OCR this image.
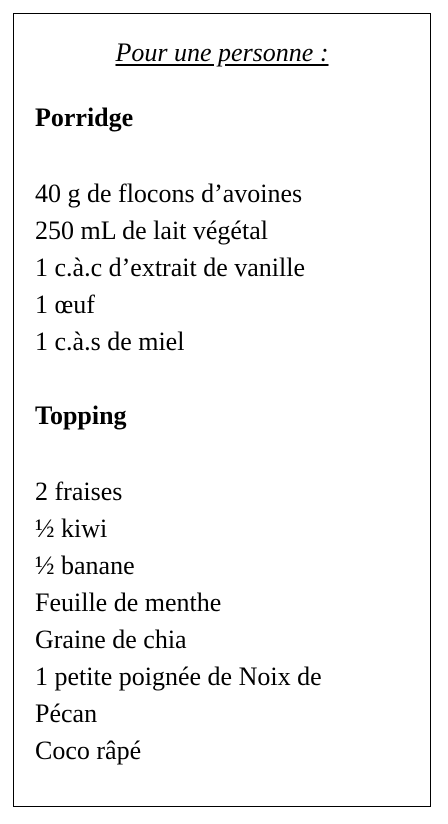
Pour une personne :
Porridge
40 g de flocons d’avoines
250 mL de lait végétal
1 c.à.c d’extrait de vanille
1 œuf
1 c.à.s de miel
Topping
2 fraises
½ kiwi
½ banane
Feuille de menthe
Graine de chia
1 petite poignée de Noix de
Pécan
Coco râpé
